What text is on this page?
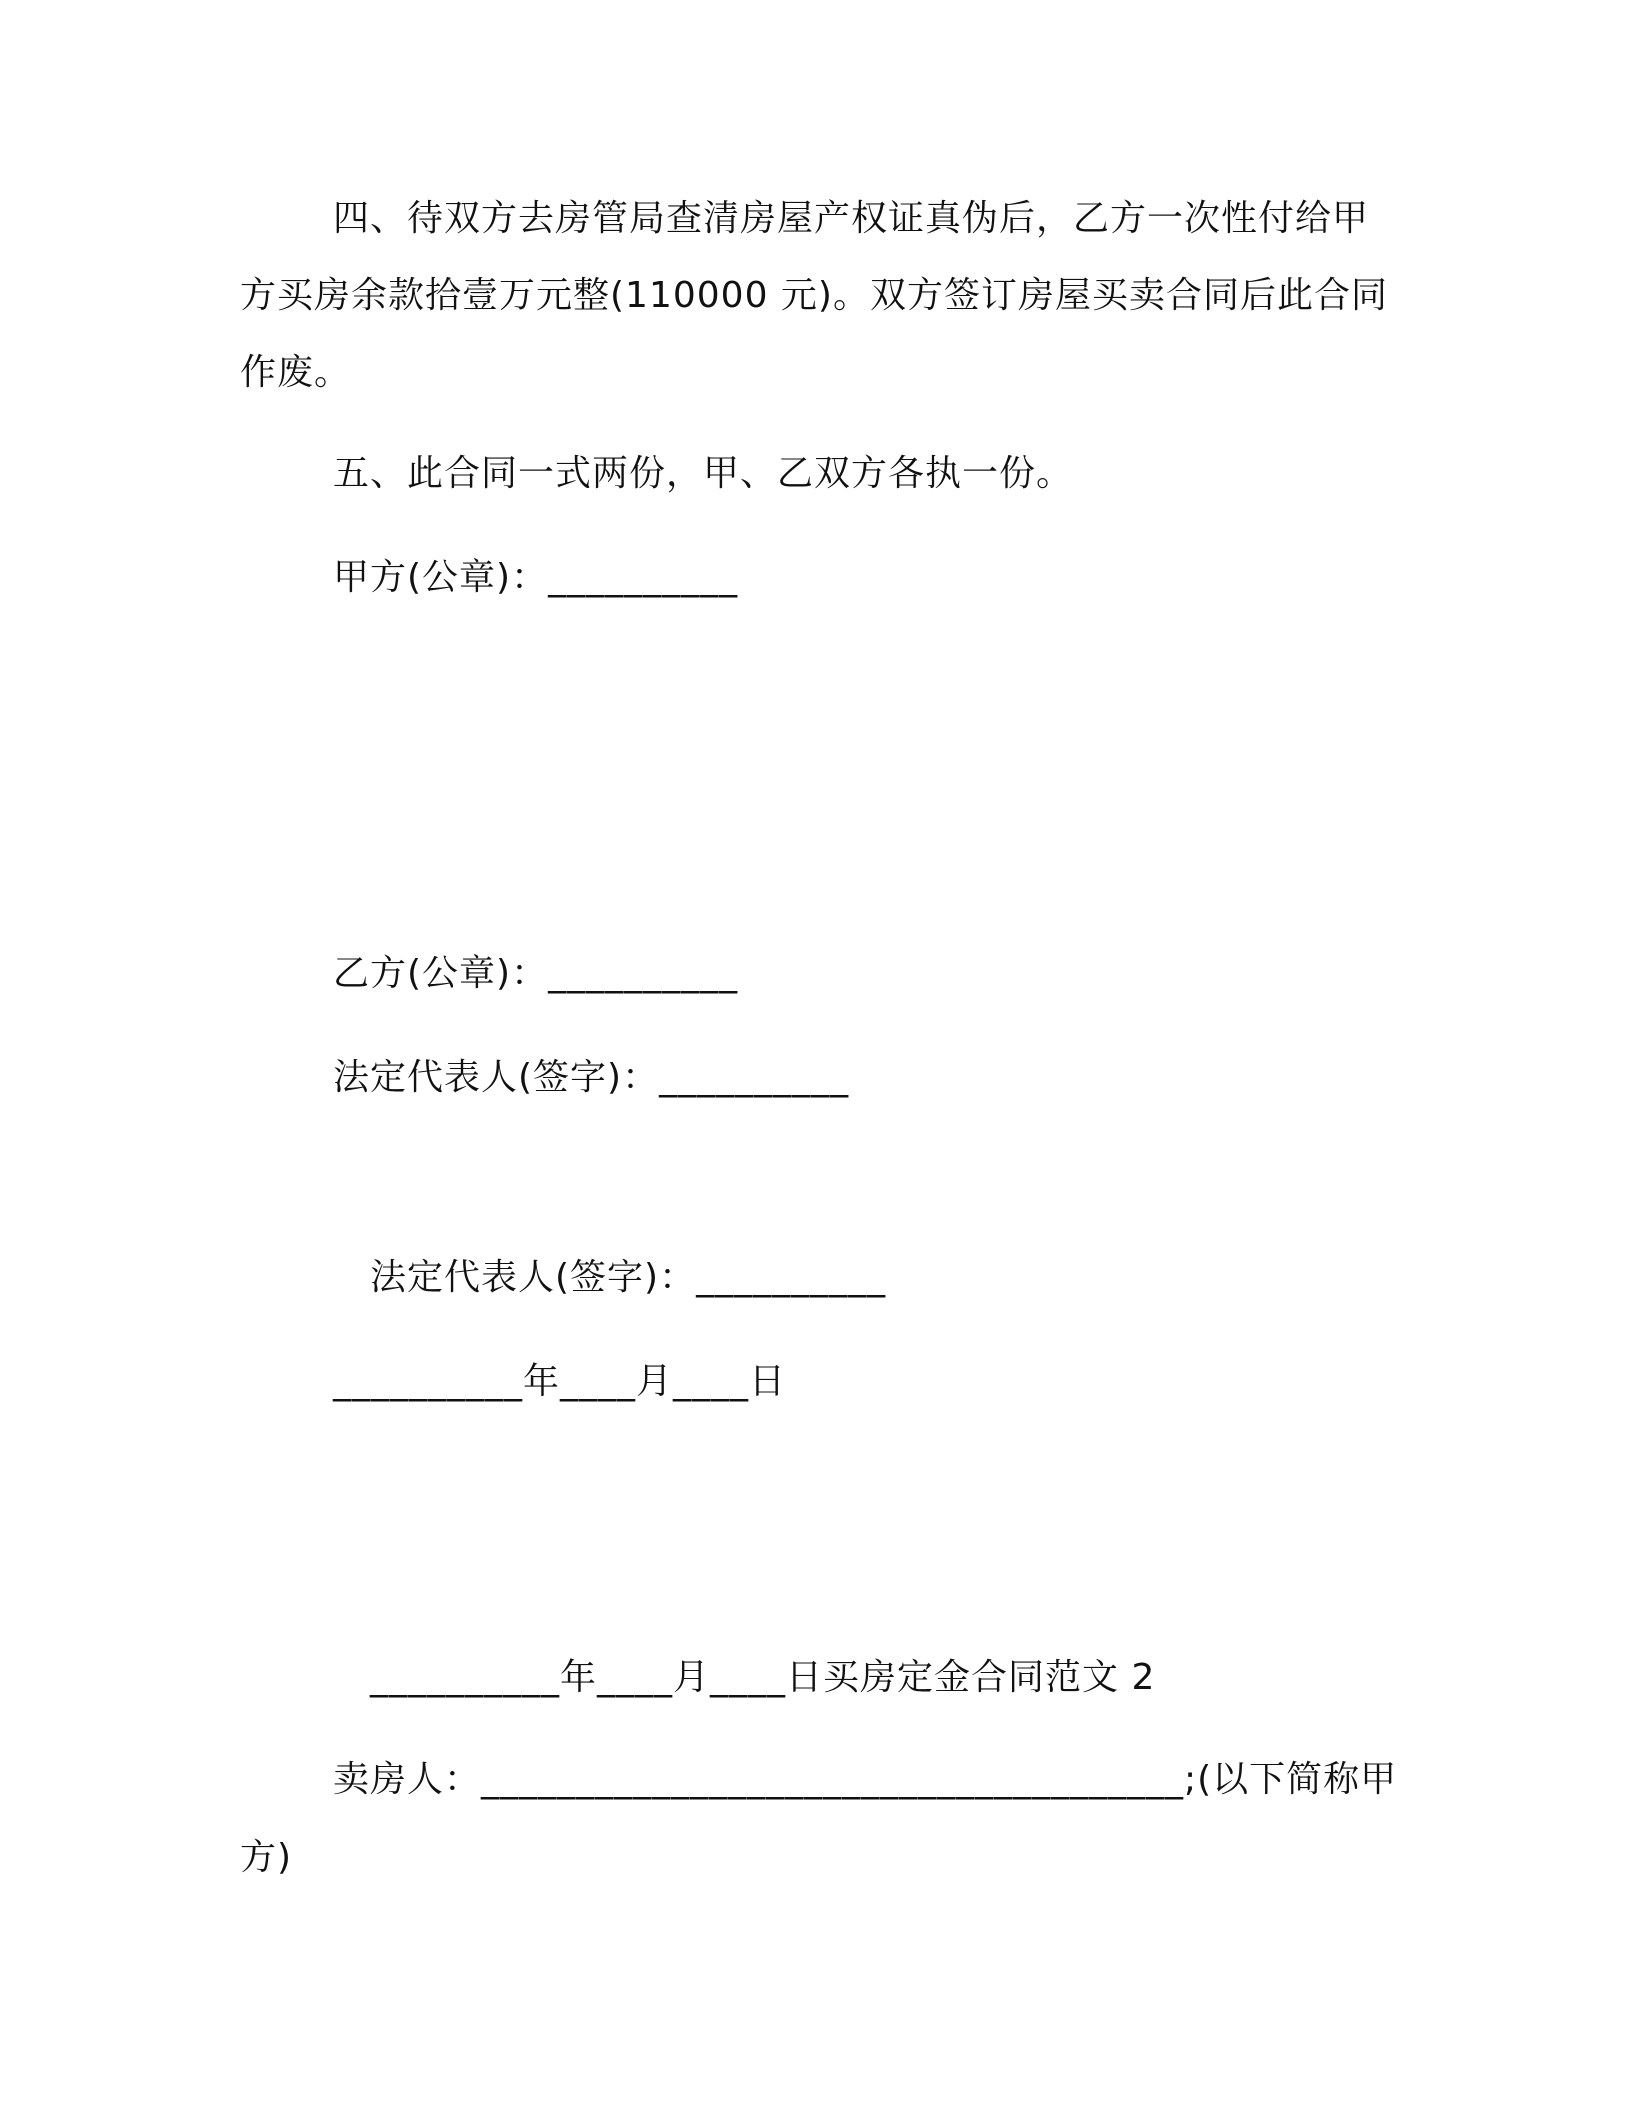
四、待双方去房管局查清房屋产权证真伪后，乙方一次性付给甲
方买房余款拾壹万元整(110000 元)。双方签订房屋买卖合同后此合同
作废。
五、此合同一式两份，甲、乙双方各执一份。
甲方(公章)：__________
乙方(公章)：__________
法定代表人(签字)：__________
法定代表人(签字)：__________
__________年____月____日
__________年____月____日买房定金合同范文 2
卖房人：_____________________________________;(以下简称甲
方)
